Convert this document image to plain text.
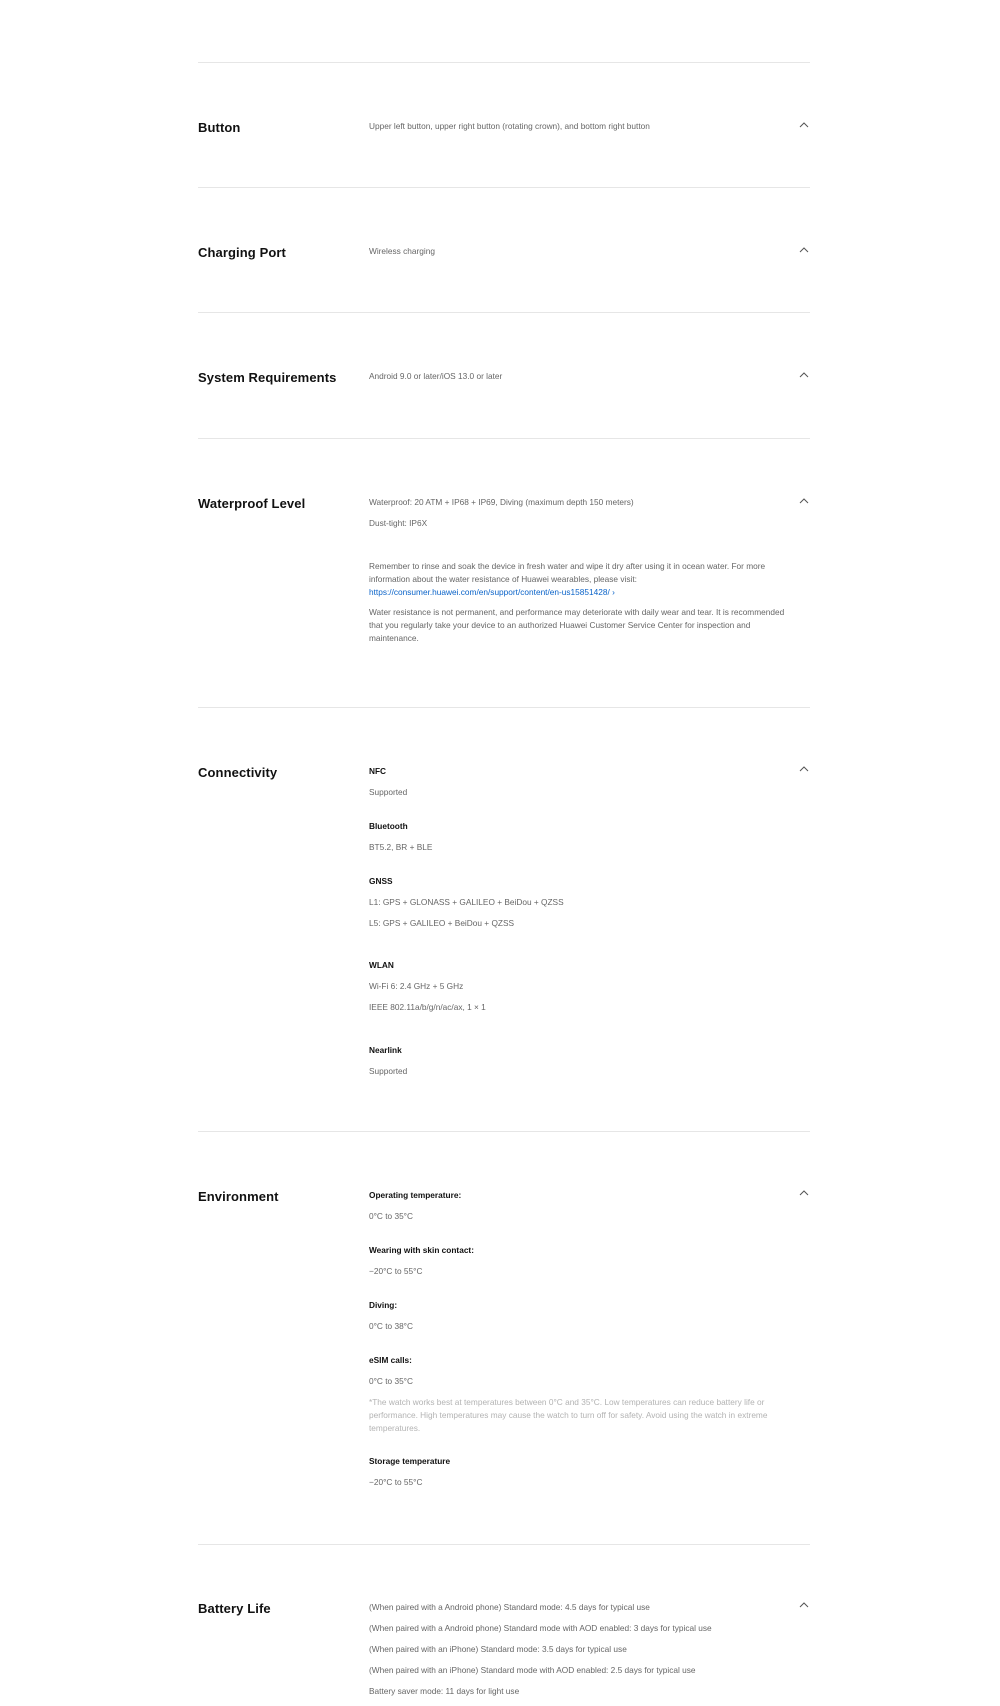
Button	Upper left button, upper right button (rotating crown), and bottom right button
Charging Port	Wireless charging
System Requirements	Android 9.0 or later/iOS 13.0 or later
Waterproof Level	Waterproof: 20 ATM + IP68 + IP69, Diving (maximum depth 150 meters)
Dust-tight: IP6X
Remember to rinse and soak the device in fresh water and wipe it dry after using it in ocean water. For more information about the water resistance of Huawei wearables, please visit:
https://consumer.huawei.com/en/support/content/en-us15851428/ ›
Water resistance is not permanent, and performance may deteriorate with daily wear and tear. It is recommended that you regularly take your device to an authorized Huawei Customer Service Center for inspection and maintenance.
Connectivity	NFC
Supported
Bluetooth
BT5.2, BR + BLE
GNSS
L1: GPS + GLONASS + GALILEO + BeiDou + QZSS
L5: GPS + GALILEO + BeiDou + QZSS
WLAN
Wi-Fi 6: 2.4 GHz + 5 GHz
IEEE 802.11a/b/g/n/ac/ax, 1 × 1
Nearlink
Supported
Environment	Operating temperature:
0°C to 35°C
Wearing with skin contact:
−20°C to 55°C
Diving:
0°C to 38°C
eSIM calls:
0°C to 35°C
*The watch works best at temperatures between 0°C and 35°C. Low temperatures can reduce battery life or performance. High temperatures may cause the watch to turn off for safety. Avoid using the watch in extreme temperatures.
Storage temperature
−20°C to 55°C
Battery Life	(When paired with a Android phone) Standard mode: 4.5 days for typical use
(When paired with a Android phone) Standard mode with AOD enabled: 3 days for typical use
(When paired with an iPhone) Standard mode: 3.5 days for typical use
(When paired with an iPhone) Standard mode with AOD enabled: 2.5 days for typical use
Battery saver mode: 11 days for light use
